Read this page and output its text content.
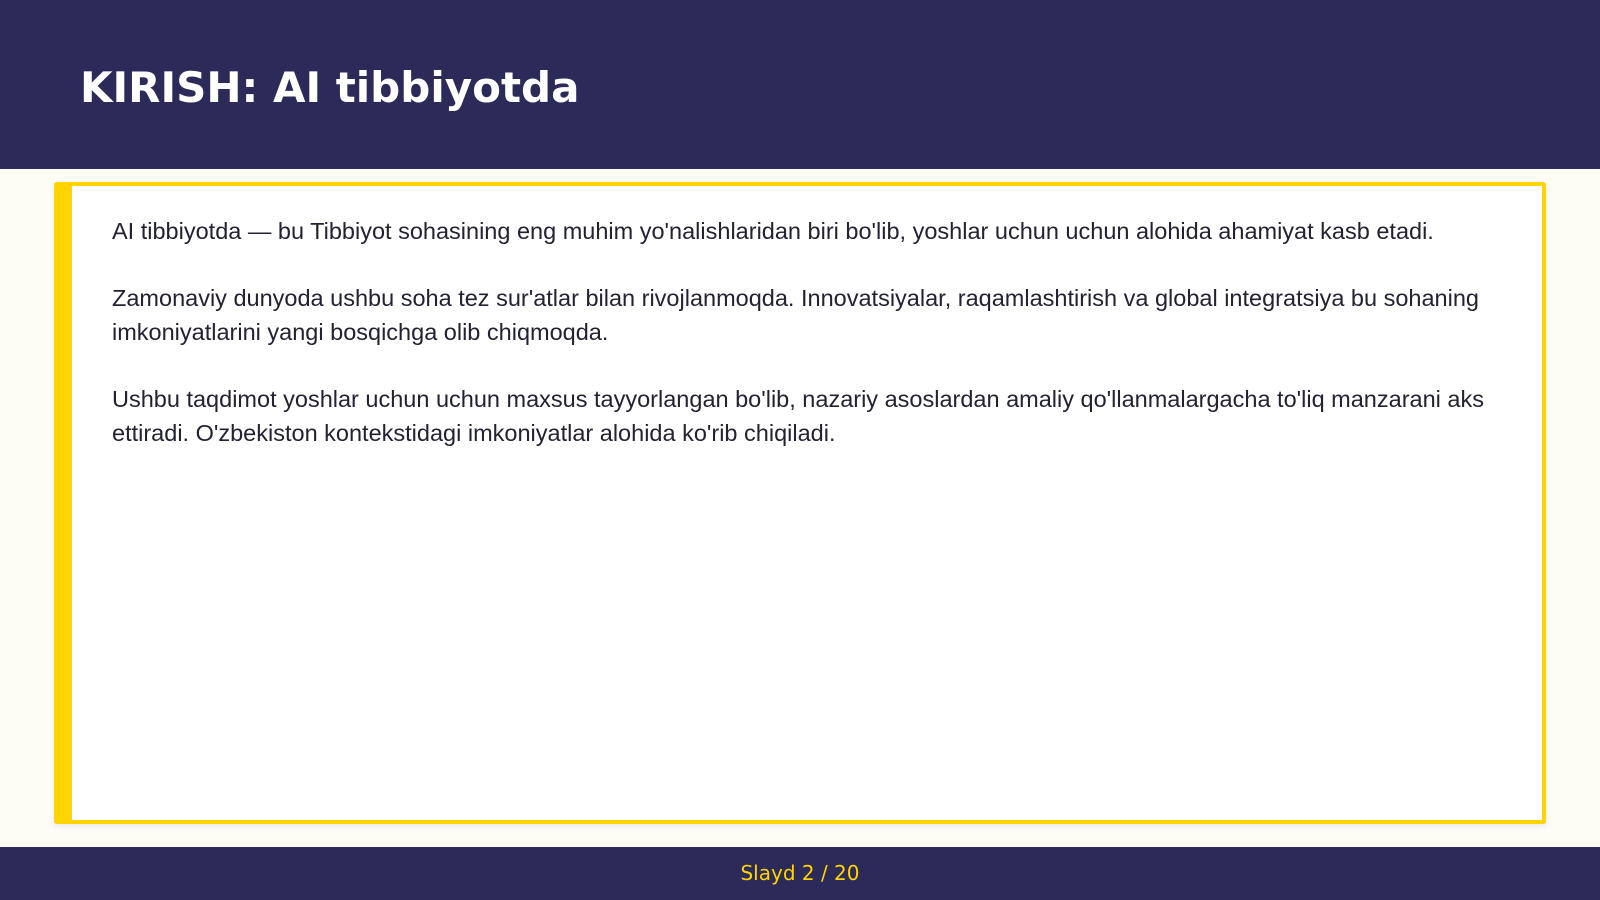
KIRISH: AI tibbiyotda

AI tibbiyotda — bu Tibbiyot sohasining eng muhim yo'nalishlaridan biri bo'lib, yoshlar uchun uchun alohida ahamiyat kasb etadi.

Zamonaviy dunyoda ushbu soha tez sur'atlar bilan rivojlanmoqda. Innovatsiyalar, raqamlashtirish va global integratsiya bu sohaning imkoniyatlarini yangi bosqichga olib chiqmoqda.

Ushbu taqdimot yoshlar uchun uchun maxsus tayyorlangan bo'lib, nazariy asoslardan amaliy qo'llanmalargacha to'liq manzarani aks ettiradi. O'zbekiston kontekstidagi imkoniyatlar alohida ko'rib chiqiladi.

Slayd 2 / 20
